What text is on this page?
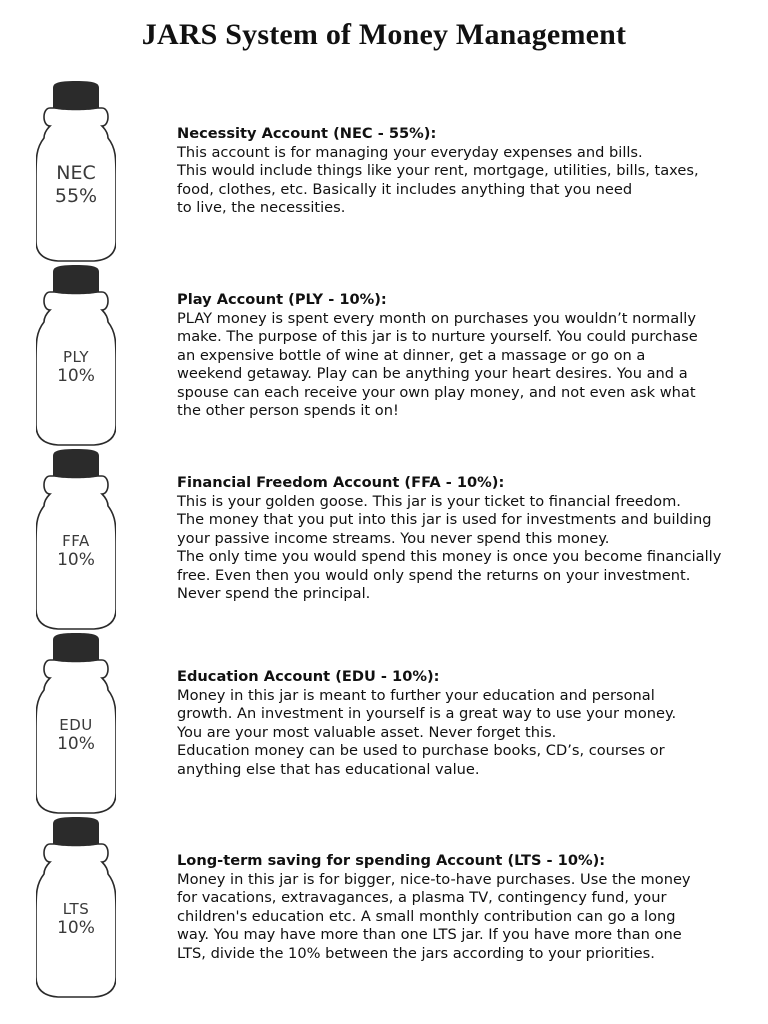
JARS System of Money Management
NEC
55%
PLY
10%
FFA
10%
EDU
10%
LTS
10%
Necessity Account (NEC - 55%):
This account is for managing your everyday expenses and bills.
This would include things like your rent, mortgage, utilities, bills, taxes,
food, clothes, etc. Basically it includes anything that you need
to live, the necessities.
Play Account (PLY - 10%):
PLAY money is spent every month on purchases you wouldn’t normally
make. The purpose of this jar is to nurture yourself. You could purchase
an expensive bottle of wine at dinner, get a massage or go on a
weekend getaway. Play can be anything your heart desires. You and a
spouse can each receive your own play money, and not even ask what
the other person spends it on!
Financial Freedom Account (FFA - 10%):
This is your golden goose. This jar is your ticket to financial freedom.
The money that you put into this jar is used for investments and building
your passive income streams. You never spend this money.
The only time you would spend this money is once you become financially
free. Even then you would only spend the returns on your investment.
Never spend the principal.
Education Account (EDU - 10%):
Money in this jar is meant to further your education and personal
growth. An investment in yourself is a great way to use your money.
You are your most valuable asset. Never forget this.
Education money can be used to purchase books, CD’s, courses or
anything else that has educational value.
Long-term saving for spending Account (LTS - 10%):
Money in this jar is for bigger, nice-to-have purchases. Use the money
for vacations, extravagances, a plasma TV, contingency fund, your
children's education etc. A small monthly contribution can go a long
way. You may have more than one LTS jar. If you have more than one
LTS, divide the 10% between the jars according to your priorities.
